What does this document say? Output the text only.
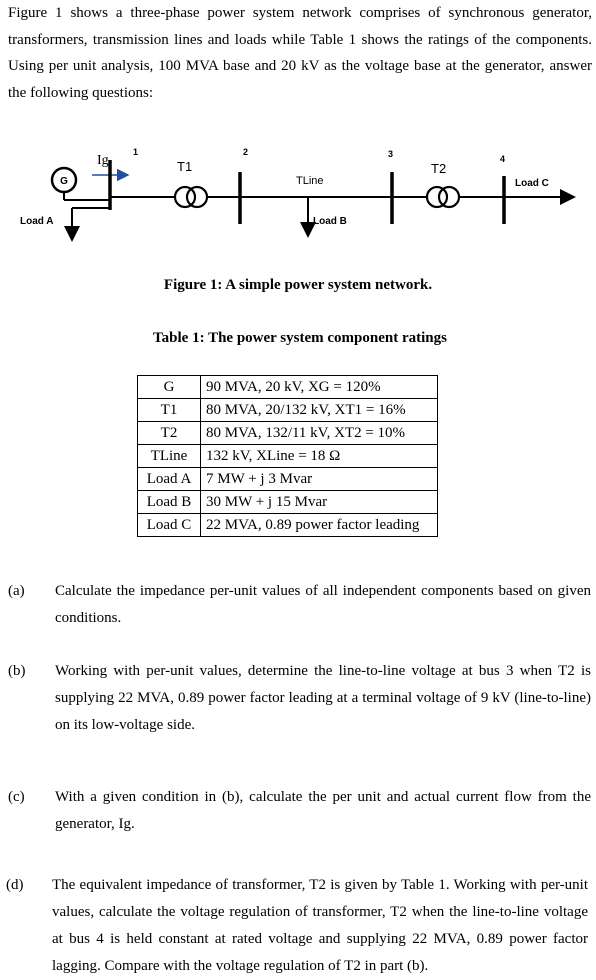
Figure 1 shows a three-phase power system network comprises of synchronous generator, transformers, transmission lines and loads while Table 1 shows the ratings of the components. Using per unit analysis, 100 MVA base and 20 kV as the voltage base at the generator, answer the following questions:

G
Ig
1
Load A
T1
2
TLine
Load B
3
T2
4
Load C
Figure 1: A simple power system network.
Table 1: The power system component ratings
G	90 MVA, 20 kV, XG = 120%
T1	80 MVA, 20/132 kV, XT1 = 16%
T2	80 MVA, 132/11 kV, XT2 = 10%
TLine	132 kV, XLine = 18 Ω
Load A	7 MW + j 3 Mvar
Load B	30 MW + j 15 Mvar
Load C	22 MVA, 0.89 power factor leading
(a) Calculate the impedance per-unit values of all independent components based on given conditions.
(b) Working with per-unit values, determine the line-to-line voltage at bus 3 when T2 is supplying 22 MVA, 0.89 power factor leading at a terminal voltage of 9 kV (line-to-line) on its low-voltage side.
(c) With a given condition in (b), calculate the per unit and actual current flow from the generator, Ig.
(d) The equivalent impedance of transformer, T2 is given by Table 1. Working with per-unit values, calculate the voltage regulation of transformer, T2 when the line-to-line voltage at bus 4 is held constant at rated voltage and supplying 22 MVA, 0.89 power factor lagging. Compare with the voltage regulation of T2 in part (b).
